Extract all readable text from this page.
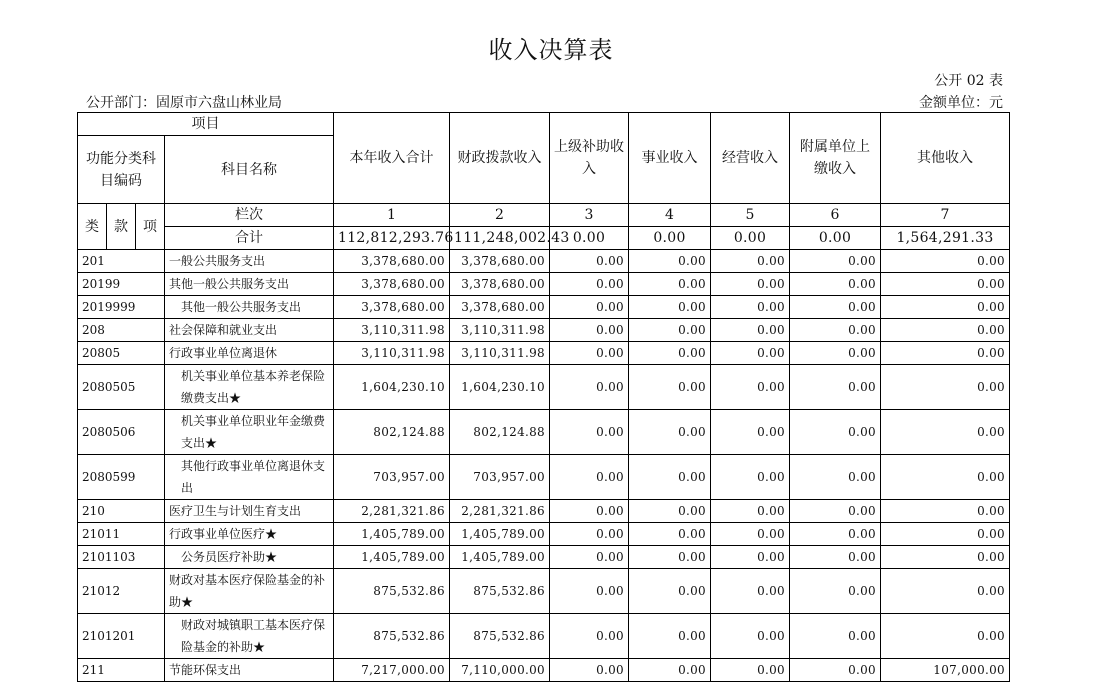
收入决算表
公开 02 表
公开部门：固原市六盘山林业局	金额单位：元
项目				本年收入合计	财政拨款收入	上级补助收入	事业收入	经营收入	附属单位上缴收入	其他收入
功能分类科目编码			科目名称							
类	款	项	栏次	1	2	3	4	5	6	7
			合计	112,812,293.76	111,248,002.43	0.00	0.00	0.00	0.00	1,564,291.33
201			一般公共服务支出	3,378,680.00	3,378,680.00	0.00	0.00	0.00	0.00	0.00
20199			其他一般公共服务支出	3,378,680.00	3,378,680.00	0.00	0.00	0.00	0.00	0.00
2019999			其他一般公共服务支出	3,378,680.00	3,378,680.00	0.00	0.00	0.00	0.00	0.00
208			社会保障和就业支出	3,110,311.98	3,110,311.98	0.00	0.00	0.00	0.00	0.00
20805			行政事业单位离退休	3,110,311.98	3,110,311.98	0.00	0.00	0.00	0.00	0.00
2080505			机关事业单位基本养老保险缴费支出★	1,604,230.10	1,604,230.10	0.00	0.00	0.00	0.00	0.00
2080506			机关事业单位职业年金缴费支出★	802,124.88	802,124.88	0.00	0.00	0.00	0.00	0.00
2080599			其他行政事业单位离退休支出	703,957.00	703,957.00	0.00	0.00	0.00	0.00	0.00
210			医疗卫生与计划生育支出	2,281,321.86	2,281,321.86	0.00	0.00	0.00	0.00	0.00
21011			行政事业单位医疗★	1,405,789.00	1,405,789.00	0.00	0.00	0.00	0.00	0.00
2101103			公务员医疗补助★	1,405,789.00	1,405,789.00	0.00	0.00	0.00	0.00	0.00
21012			财政对基本医疗保险基金的补助★	875,532.86	875,532.86	0.00	0.00	0.00	0.00	0.00
2101201			财政对城镇职工基本医疗保险基金的补助★	875,532.86	875,532.86	0.00	0.00	0.00	0.00	0.00
211			节能环保支出	7,217,000.00	7,110,000.00	0.00	0.00	0.00	0.00	107,000.00
